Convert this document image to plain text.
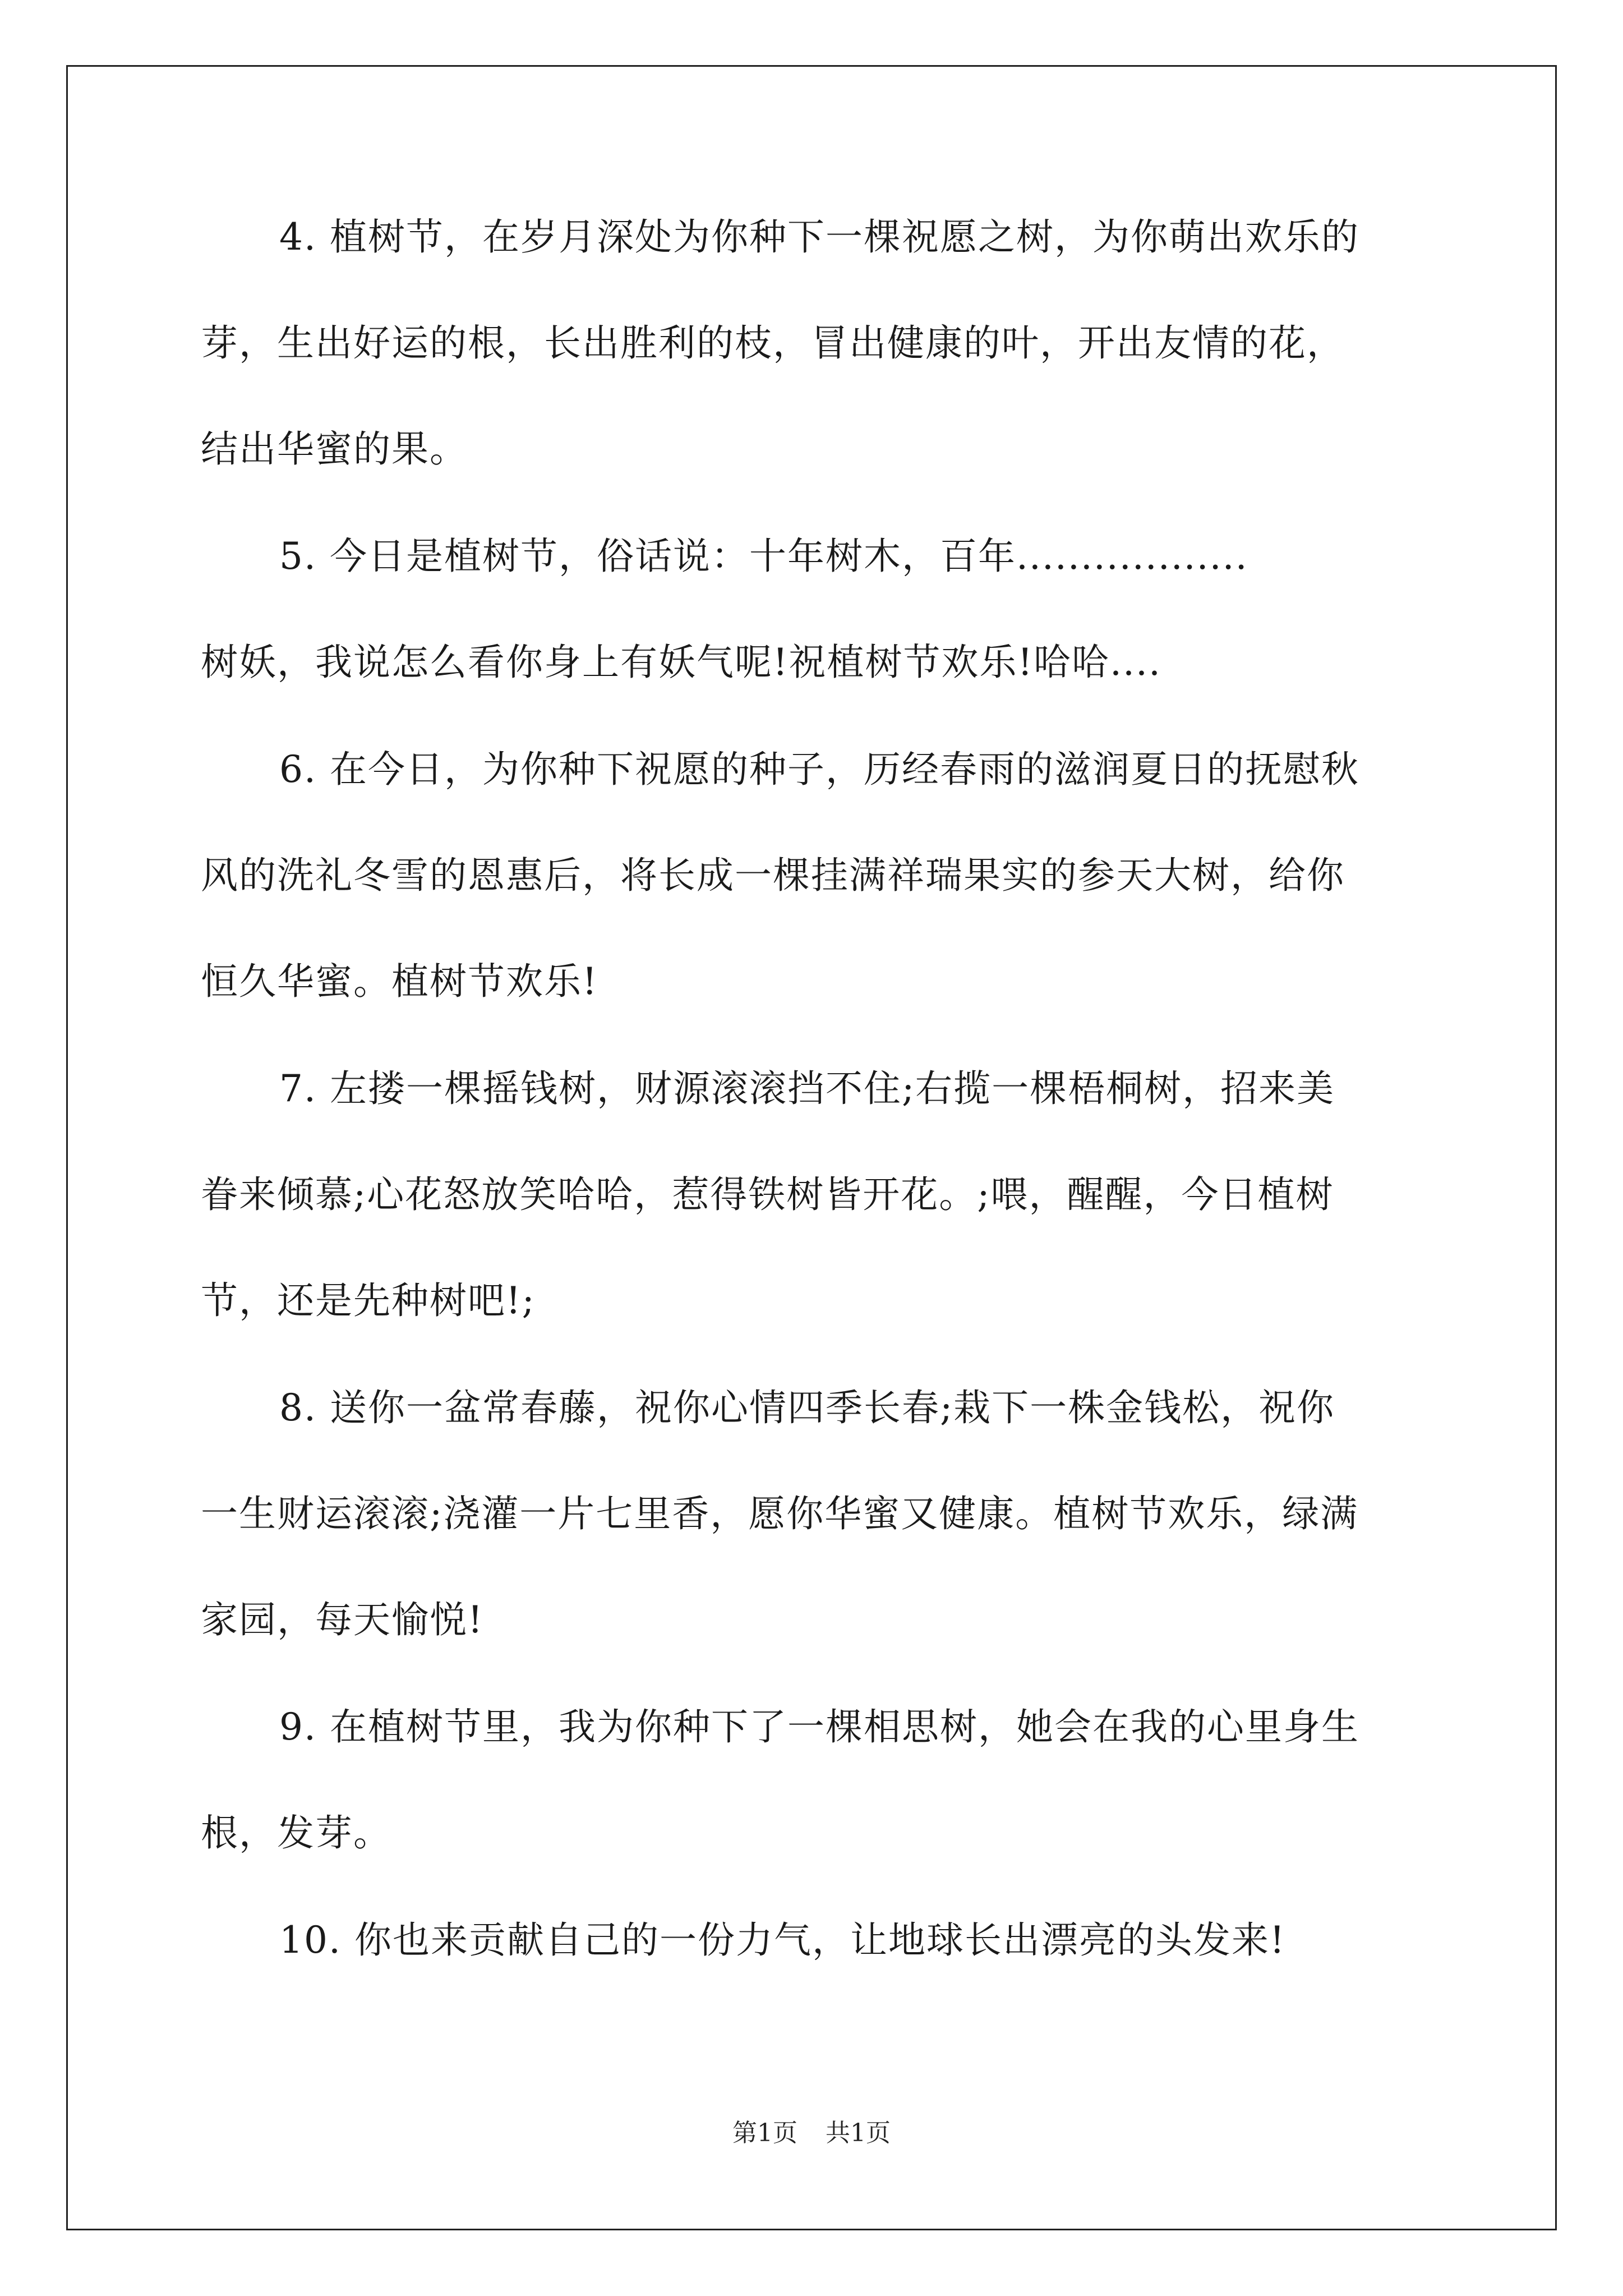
4. 植树节，在岁月深处为你种下一棵祝愿之树，为你萌出欢乐的
芽，生出好运的根，长出胜利的枝，冒出健康的叶，开出友情的花，
结出华蜜的果。
5. 今日是植树节，俗话说：十年树木，百年..................
树妖，我说怎么看你身上有妖气呢!祝植树节欢乐!哈哈....
6. 在今日，为你种下祝愿的种子，历经春雨的滋润夏日的抚慰秋
风的洗礼冬雪的恩惠后，将长成一棵挂满祥瑞果实的参天大树，给你
恒久华蜜。植树节欢乐!
7. 左搂一棵摇钱树，财源滚滚挡不住;右揽一棵梧桐树，招来美
眷来倾慕;心花怒放笑哈哈，惹得铁树皆开花。;喂，醒醒，今日植树
节，还是先种树吧!;
8. 送你一盆常春藤，祝你心情四季长春;栽下一株金钱松，祝你
一生财运滚滚;浇灌一片七里香，愿你华蜜又健康。植树节欢乐，绿满
家园，每天愉悦!
9. 在植树节里，我为你种下了一棵相思树，她会在我的心里身生
根，发芽。
10. 你也来贡献自己的一份力气，让地球长出漂亮的头发来!
第1页 共1页
